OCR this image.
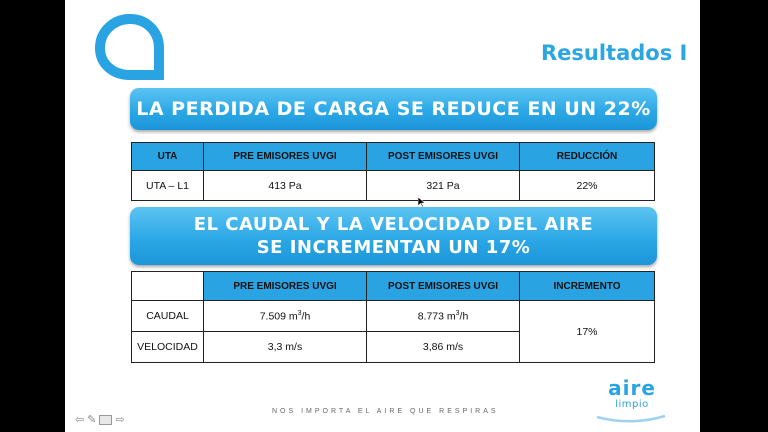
Resultados I
LA PERDIDA DE CARGA SE REDUCE EN UN 22%
UTA	PRE EMISORES UVGI	POST EMISORES UVGI	REDUCCIÓN
UTA – L1	413 Pa	321 Pa	22%
EL CAUDAL Y LA VELOCIDAD DEL AIRE
SE INCREMENTAN UN 17%
	PRE EMISORES UVGI	POST EMISORES UVGI	INCREMENTO
CAUDAL	7.509 $m^3/h$	8.773 $m^3/h$	17%
VELOCIDAD	3,3 m/s	3,86 m/s	
NOS IMPORTA EL AIRE QUE RESPIRAS
aire
limpio
⇦ ✎ ⇨
